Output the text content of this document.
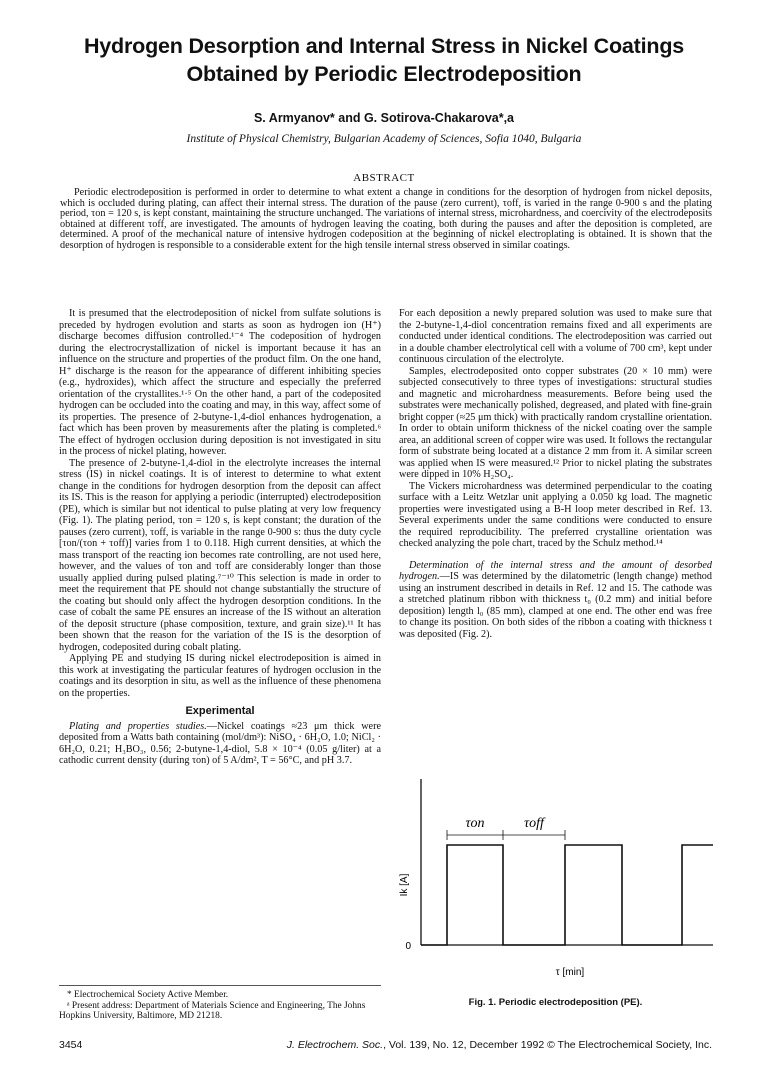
Hydrogen Desorption and Internal Stress in Nickel Coatings Obtained by Periodic Electrodeposition
S. Armyanov* and G. Sotirova-Chakarova*,a
Institute of Physical Chemistry, Bulgarian Academy of Sciences, Sofia 1040, Bulgaria
ABSTRACT

Periodic electrodeposition is performed in order to determine to what extent a change in conditions for the desorption of hydrogen from nickel deposits, which is occluded during plating, can affect their internal stress. The duration of the pause (zero current), τoff, is varied in the range 0-900 s and the plating period, τon = 120 s, is kept constant, maintaining the structure unchanged. The variations of internal stress, microhardness, and coercivity of the electrodeposits obtained at different τoff, are investigated. The amounts of hydrogen leaving the coating, both during the pauses and after the deposition is completed, are determined. A proof of the mechanical nature of intensive hydrogen codeposition at the beginning of nickel electroplating is obtained. It is shown that the desorption of hydrogen is responsible to a considerable extent for the high tensile internal stress observed in similar coatings.

It is presumed that the electrodeposition of nickel from sulfate solutions is preceded by hydrogen evolution and starts as soon as hydrogen ion (H⁺) discharge becomes diffusion controlled.¹⁻⁴ The codeposition of hydrogen during the electrocrystallization of nickel is important because it has an influence on the structure and properties of the product film. On the one hand, H⁺ discharge is the reason for the appearance of different inhibiting species (e.g., hydroxides), which affect the structure and especially the preferred orientation of the crystallites.¹·⁵ On the other hand, a part of the codeposited hydrogen can be occluded into the coating and may, in this way, affect some of its properties. The presence of 2-butyne-1,4-diol enhances hydrogenation, a fact which has been proven by measurements after the plating is completed.⁶ The effect of hydrogen occlusion during deposition is not investigated in situ in the process of nickel plating, however.

The presence of 2-butyne-1,4-diol in the electrolyte increases the internal stress (IS) in nickel coatings. It is of interest to determine to what extent change in the conditions for hydrogen desorption from the deposit can affect its IS. This is the reason for applying a periodic (interrupted) electrodeposition (PE), which is similar but not identical to pulse plating at very low frequency (Fig. 1). The plating period, τon = 120 s, is kept constant; the duration of the pauses (zero current), τoff, is variable in the range 0-900 s: thus the duty cycle [τon/(τon + τoff)] varies from 1 to 0.118. High current densities, at which the mass transport of the reacting ion becomes rate controlling, are not used here, however, and the values of τon and τoff are considerably longer than those usually applied during pulsed plating.⁷⁻¹⁰ This selection is made in order to meet the requirement that PE should not change substantially the structure of the coating but should only affect the hydrogen desorption conditions. In the case of cobalt the same PE ensures an increase of the IS without an alteration of the deposit structure (phase composition, texture, and grain size).¹¹ It has been shown that the reason for the variation of the IS is the desorption of hydrogen, codeposited during cobalt plating.

Applying PE and studying IS during nickel electrodeposition is aimed in this work at investigating the particular features of hydrogen occlusion in the coatings and its desorption in situ, as well as the influence of these phenomena on the properties.

Experimental

Plating and properties studies.—Nickel coatings ≈23 μm thick were deposited from a Watts bath containing (mol/dm³): NiSO₄ · 6H₂O, 1.0; NiCl₂ · 6H₂O, 0.21; H₃BO₃, 0.56; 2-butyne-1,4-diol, 5.8 × 10⁻⁴ (0.05 g/liter) at a cathodic current density (during τon) of 5 A/dm², T = 56°C, and pH 3.7.

* Electrochemical Society Active Member.
ᵃ Present address: Department of Materials Science and Engineering, The Johns Hopkins University, Baltimore, MD 21218.

For each deposition a newly prepared solution was used to make sure that the 2-butyne-1,4-diol concentration remains fixed and all experiments are conducted under identical conditions. The electrodeposition was carried out in a double chamber electrolytical cell with a volume of 700 cm³, kept under continuous circulation of the electrolyte.

Samples, electrodeposited onto copper substrates (20 × 10 mm) were subjected consecutively to three types of investigations: structural studies and magnetic and microhardness measurements. Before being used the substrates were mechanically polished, degreased, and plated with fine-grain bright copper (≈25 μm thick) with practically random crystalline orientation. In order to obtain uniform thickness of the nickel coating over the sample area, an additional screen of copper wire was used. It follows the rectangular form of substrate being located at a distance 2 mm from it. A similar screen was applied when IS were measured.¹² Prior to nickel plating the substrates were dipped in 10% H₂SO₄.

The Vickers microhardness was determined perpendicular to the coating surface with a Leitz Wetzlar unit applying a 0.050 kg load. The magnetic properties were investigated using a B-H loop meter described in Ref. 13. Several experiments under the same conditions were conducted to ensure the required reproducibility. The preferred crystalline orientation was checked analyzing the pole chart, traced by the Schulz method.¹⁴

Determination of the internal stress and the amount of desorbed hydrogen.—IS was determined by the dilatometric (length change) method using an instrument described in details in Ref. 12 and 15. The cathode was a stretched platinum ribbon with thickness t₀ (0.2 mm) and initial before deposition) length l₀ (85 mm), clamped at one end. The other end was free to change its position. On both sides of the ribbon a coating with thickness t was deposited (Fig. 2).

τon	τoff
Ik [A]
0
τ [min]
Fig. 1. Periodic electrodeposition (PE).
3454	J. Electrochem. Soc., Vol. 139, No. 12, December 1992 © The Electrochemical Society, Inc.
